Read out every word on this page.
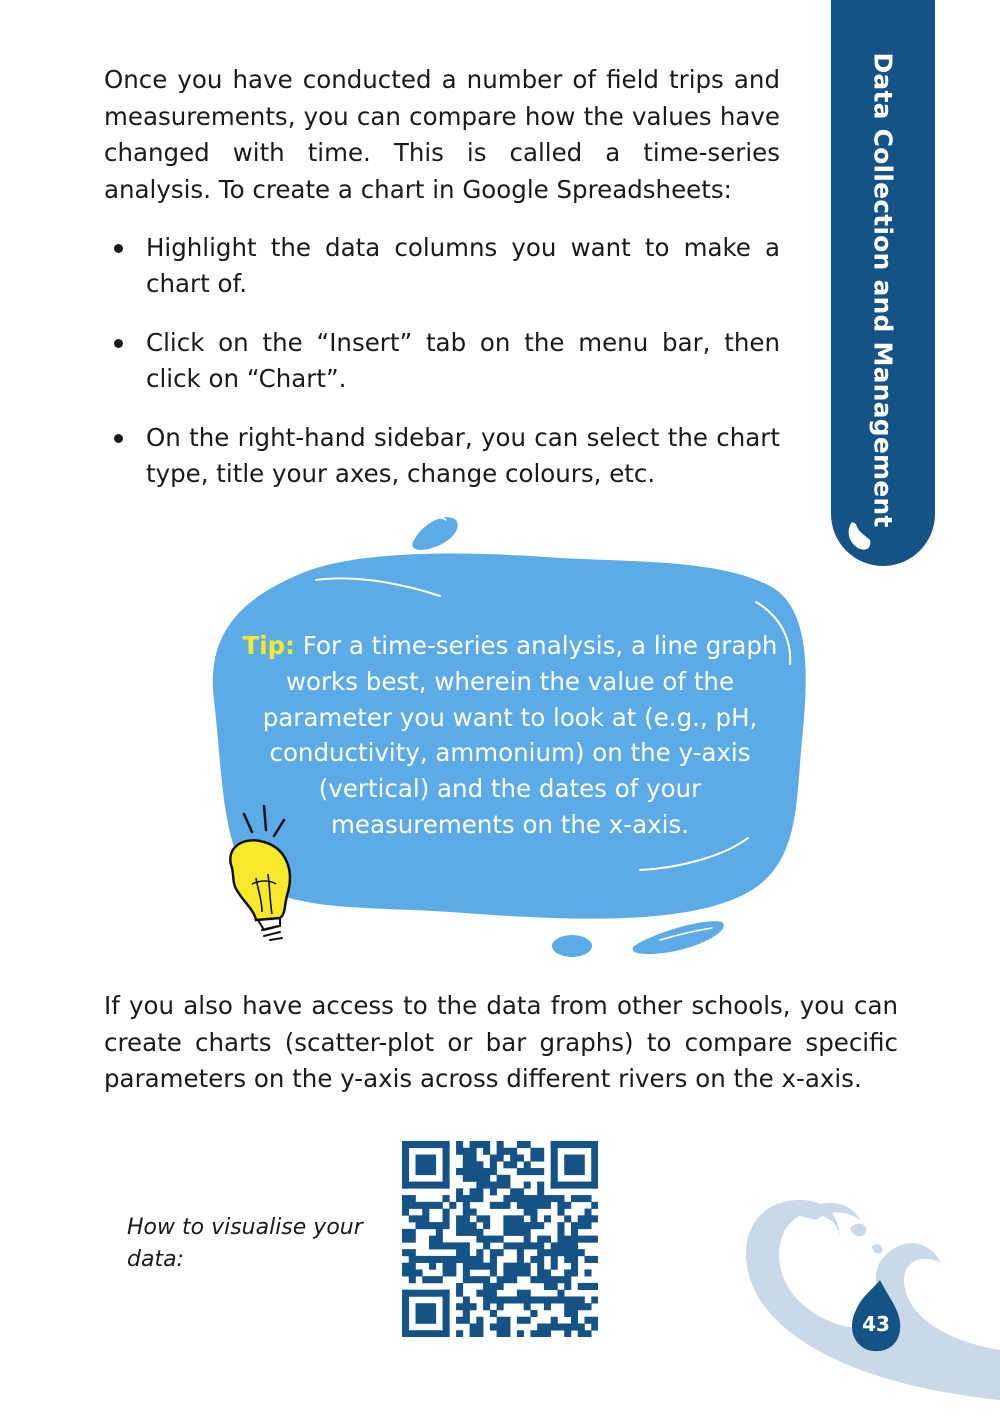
Data Collection and Management

Once you have conducted a number of field trips and measurements, you can compare how the values have changed with time. This is called a time-series analysis. To create a chart in Google Spreadsheets:

Highlight the data columns you want to make a chart of.
Click on the “Insert” tab on the menu bar, then click on “Chart”.
On the right-hand sidebar, you can select the chart type, title your axes, change colours, etc.

Tip: For a time-series analysis, a line graph works best, wherein the value of the parameter you want to look at (e.g., pH, conductivity, ammonium) on the y-axis (vertical) and the dates of your measurements on the x-axis.

If you also have access to the data from other schools, you can create charts (scatter-plot or bar graphs) to compare specific parameters on the y-axis across different rivers on the x-axis.

How to visualise your data:

43
